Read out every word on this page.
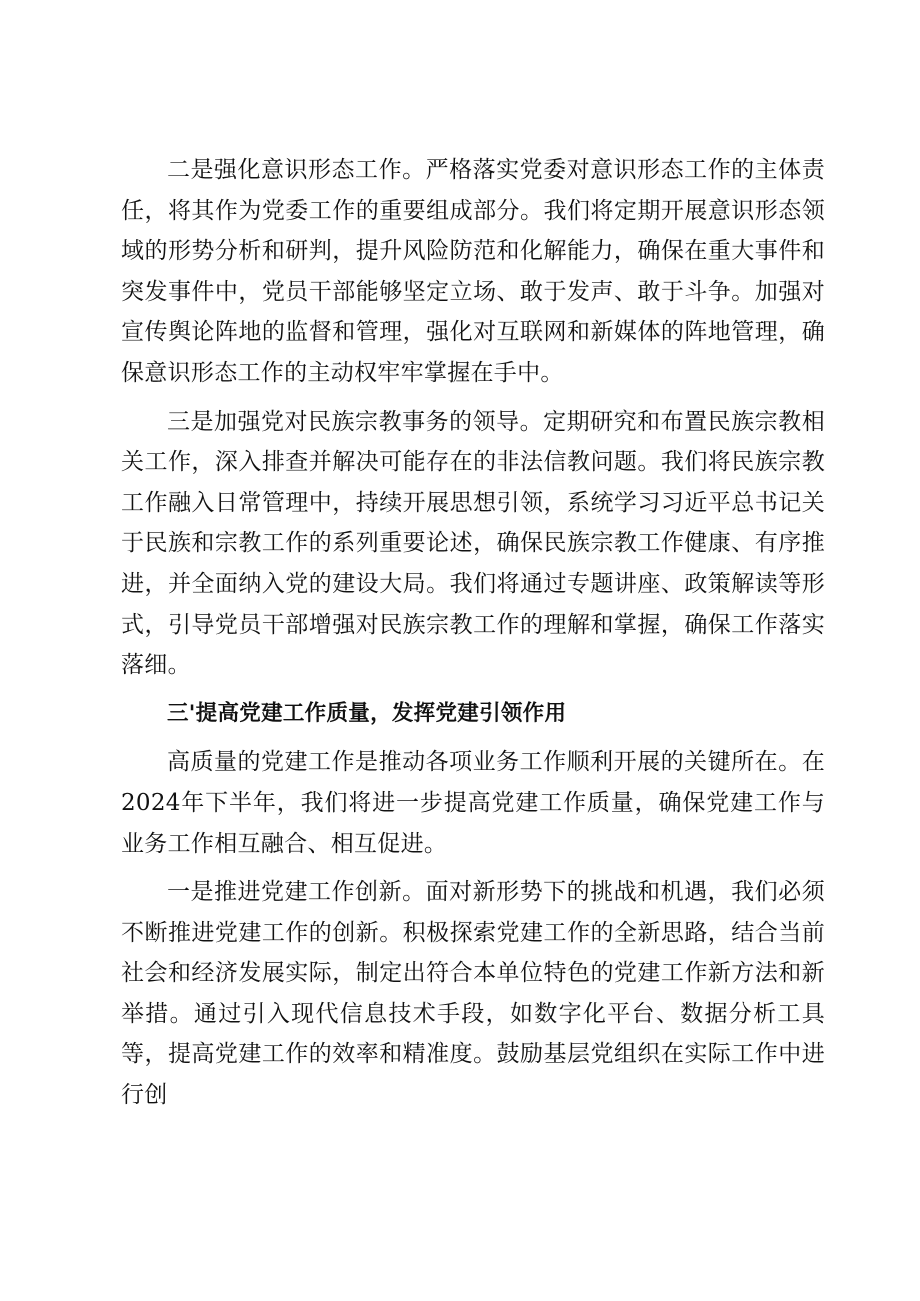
二是强化意识形态工作。严格落实党委对意识形态工作的主体责任，将其作为党委工作的重要组成部分。我们将定期开展意识形态领域的形势分析和研判，提升风险防范和化解能力，确保在重大事件和突发事件中，党员干部能够坚定立场、敢于发声、敢于斗争。加强对宣传舆论阵地的监督和管理，强化对互联网和新媒体的阵地管理，确保意识形态工作的主动权牢牢掌握在手中。

三是加强党对民族宗教事务的领导。定期研究和布置民族宗教相关工作，深入排查并解决可能存在的非法信教问题。我们将民族宗教工作融入日常管理中，持续开展思想引领，系统学习习近平总书记关于民族和宗教工作的系列重要论述，确保民族宗教工作健康、有序推进，并全面纳入党的建设大局。我们将通过专题讲座、政策解读等形式，引导党员干部增强对民族宗教工作的理解和掌握，确保工作落实落细。

三'提高党建工作质量，发挥党建引领作用

高质量的党建工作是推动各项业务工作顺利开展的关键所在。在2024年下半年，我们将进一步提高党建工作质量，确保党建工作与业务工作相互融合、相互促进。

一是推进党建工作创新。面对新形势下的挑战和机遇，我们必须不断推进党建工作的创新。积极探索党建工作的全新思路，结合当前社会和经济发展实际，制定出符合本单位特色的党建工作新方法和新举措。通过引入现代信息技术手段，如数字化平台、数据分析工具等，提高党建工作的效率和精准度。鼓励基层党组织在实际工作中进行创
